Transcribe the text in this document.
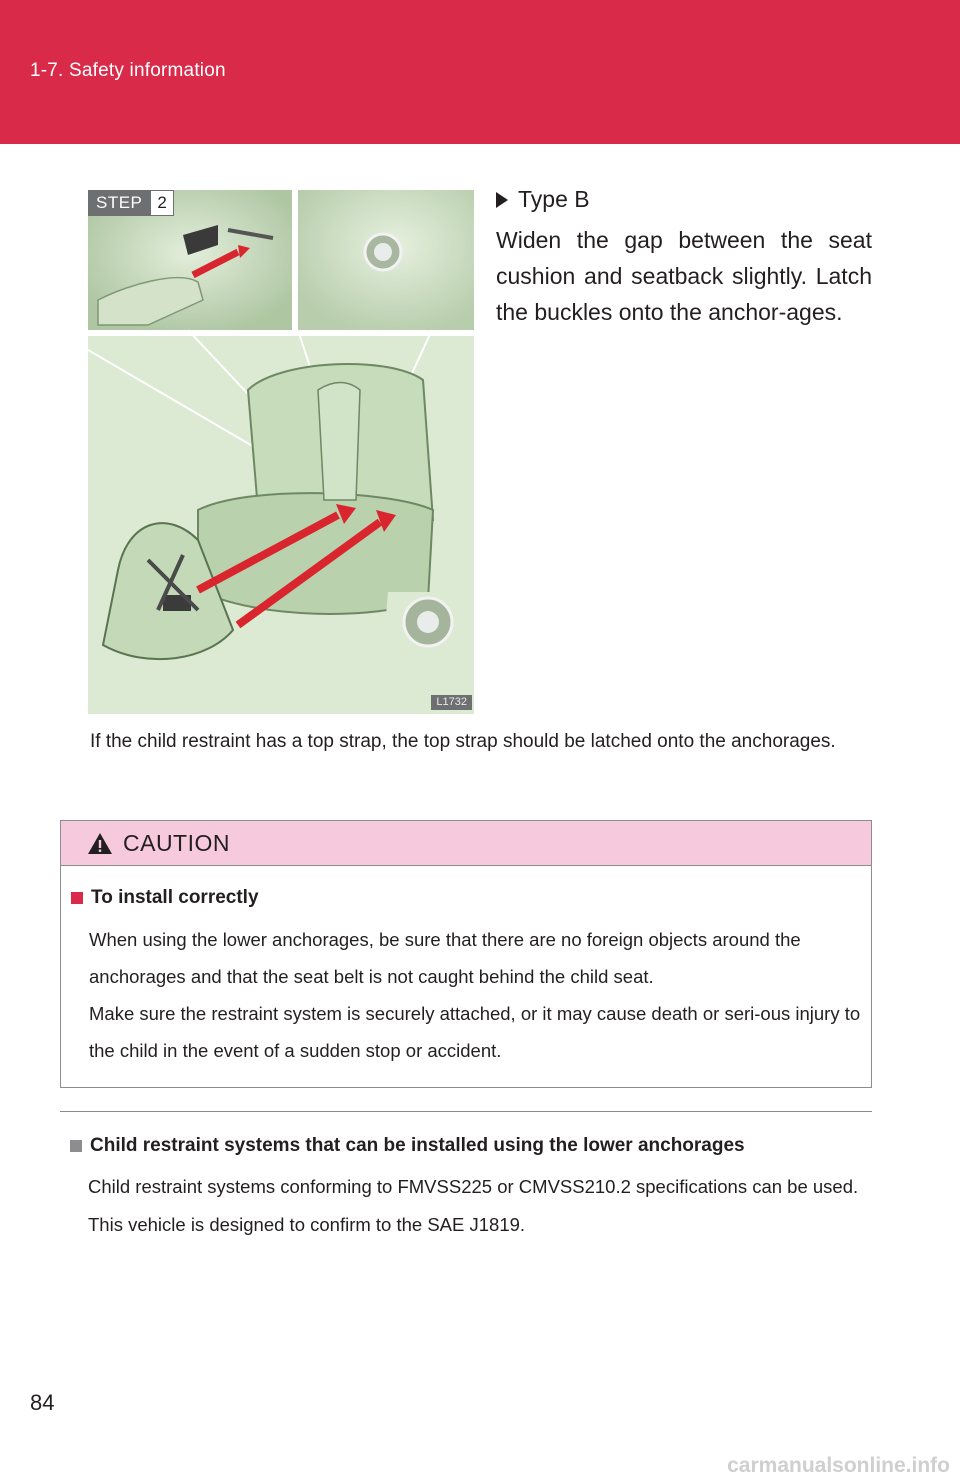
1-7. Safety information
STEP 2
L1732
Type B
Widen the gap between the seat cushion and seatback slightly. Latch the buckles onto the anchor-ages.
If the child restraint has a top strap, the top strap should be latched onto the anchorages.
CAUTION
To install correctly
When using the lower anchorages, be sure that there are no foreign objects around the anchorages and that the seat belt is not caught behind the child seat.
Make sure the restraint system is securely attached, or it may cause death or seri-ous injury to the child in the event of a sudden stop or accident.
Child restraint systems that can be installed using the lower anchorages
Child restraint systems conforming to FMVSS225 or CMVSS210.2 specifications can be used. This vehicle is designed to confirm to the SAE J1819.
84
carmanualsonline.info
